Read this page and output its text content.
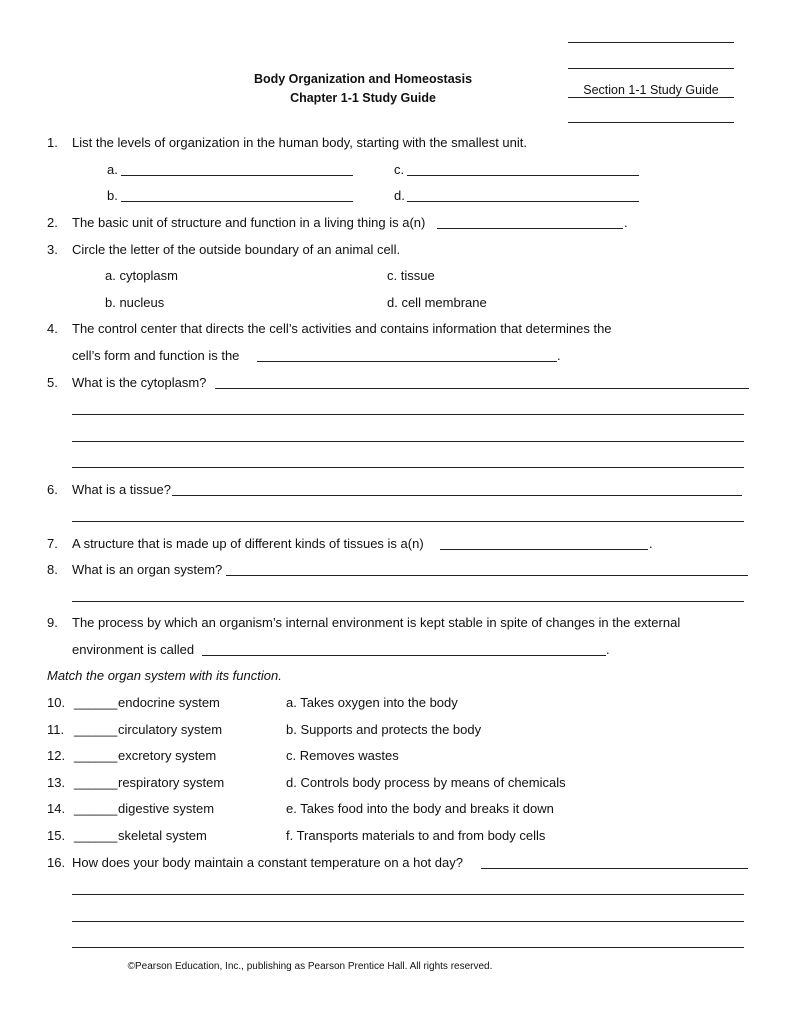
Section 1-1 Study Guide
Body Organization and Homeostasis
Chapter 1-1 Study Guide
1. List the levels of organization in the human body, starting with the smallest unit.
a.
b.
c.
d.
2. The basic unit of structure and function in a living thing is a(n)	.
3. Circle the letter of the outside boundary of an animal cell.
a. cytoplasm
b. nucleus
c. tissue
d. cell membrane
4. The control center that directs the cell’s activities and contains information that determines the
cell’s form and function is the	.
5. What is the cytoplasm?
6. What is a tissue?
7. A structure that is made up of different kinds of tissues is a(n)	.
8. What is an organ system?
9. The process by which an organism’s internal environment is kept stable in spite of changes in the external
environment is called	.
Match the organ system with its function.
10. ______ endocrine system	a. Takes oxygen into the body
11. ______ circulatory system	b. Supports and protects the body
12. ______ excretory system	c. Removes wastes
13. ______ respiratory system	d. Controls body process by means of chemicals
14. ______ digestive system	e. Takes food into the body and breaks it down
15. ______ skeletal system	f. Transports materials to and from body cells
16. How does your body maintain a constant temperature on a hot day?
©Pearson Education, Inc., publishing as Pearson Prentice Hall. All rights reserved.
